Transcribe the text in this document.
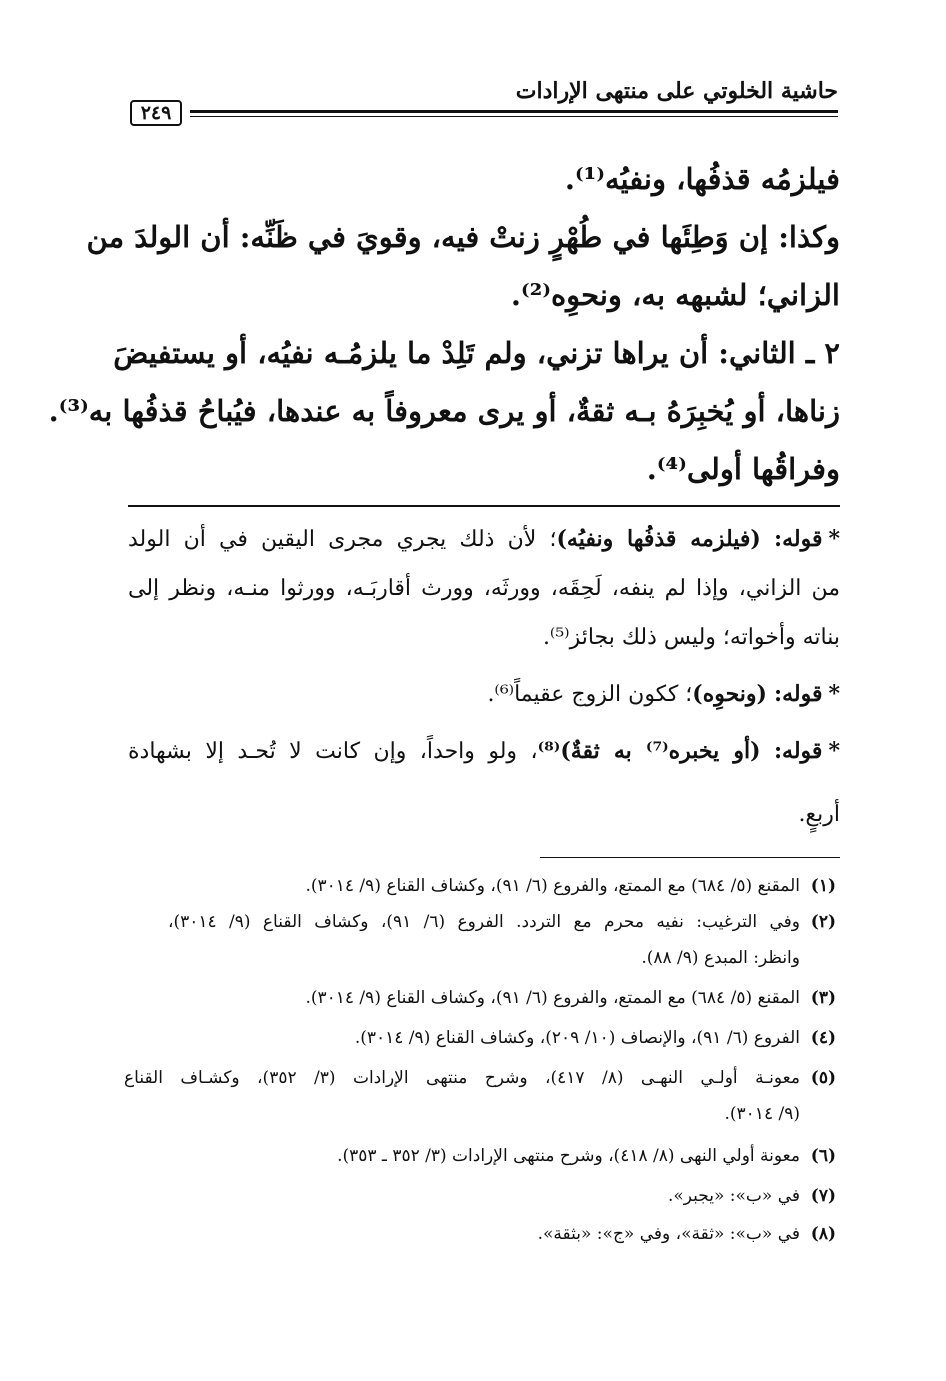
حاشية الخلوتي على منتهى الإرادات
٢٤٩
فيلزمُه قذفُها، ونفيُه⁽¹⁾.
وكذا: إن وَطِئَها في طُهْرٍ زنتْ فيه، وقويَ في ظَنِّه: أن الولدَ من
الزاني؛ لشبهه به، ونحوِه⁽²⁾.
٢ ـ الثاني: أن يراها تزني، ولم تَلِدْ ما يلزمُـه نفيُه، أو يستفيضَ
زناها، أو يُخبِرَهُ بـه ثقةٌ، أو يرى معروفاً به عندها، فيُباحُ قذفُها به⁽³⁾.
وفراقُها أولى⁽⁴⁾.
*قوله: (فيلزمه قذفُها ونفيُه)؛ لأن ذلك يجري مجرى اليقين في أن الولد
من الزاني، وإذا لم ينفه، لَحِقَه، وورثَه، وورث أقاربَـه، وورثوا منـه، ونظر إلى
بناته وأخواته؛ وليس ذلك بجائز⁽⁵⁾.
*قوله: (ونحوِه)؛ ككون الزوج عقيماً⁽⁶⁾.
*قوله: (أو يخبره⁽⁷⁾ به ثقةٌ)⁽⁸⁾، ولو واحداً، وإن كانت لا تُحـد إلا بشهادة
أربعٍ.
(١)
المقنع (٥/ ٦٨٤) مع الممتع، والفروع (٦/ ٩١)، وكشاف القناع (٩/ ٣٠١٤).
(٢)
وفي الترغيب: نفيه محرم مع التردد. الفروع (٦/ ٩١)، وكشاف القناع (٩/ ٣٠١٤)،
وانظر: المبدع (٩/ ٨٨).
(٣)
المقنع (٥/ ٦٨٤) مع الممتع، والفروع (٦/ ٩١)، وكشاف القناع (٩/ ٣٠١٤).
(٤)
الفروع (٦/ ٩١)، والإنصاف (١٠/ ٢٠٩)، وكشاف القناع (٩/ ٣٠١٤).
(٥)
معونـة أولـي النهـى (٨/ ٤١٧)، وشرح منتهى الإرادات (٣/ ٣٥٢)، وكشـاف القناع
(٩/ ٣٠١٤).
(٦)
معونة أولي النهى (٨/ ٤١٨)، وشرح منتهى الإرادات (٣/ ٣٥٢ ـ ٣٥٣).
(٧)
في «ب»: «يجبر».
(٨)
في «ب»: «ثقة»، وفي «ج»: «بثقة».
